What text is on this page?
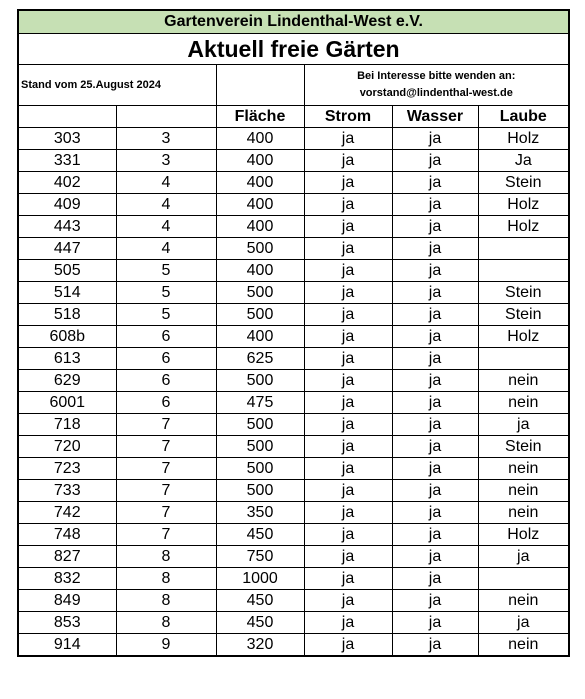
Gartenverein Lindenthal-West e.V.					
Aktuell freie Gärten					
Stand vom 25.August 2024			Bei Interesse bitte wenden an:
vorstand@lindenthal-west.de		
		Fläche	Strom	Wasser	Laube
303	3	400	ja	ja	Holz
331	3	400	ja	ja	Ja
402	4	400	ja	ja	Stein
409	4	400	ja	ja	Holz
443	4	400	ja	ja	Holz
447	4	500	ja	ja	
505	5	400	ja	ja	
514	5	500	ja	ja	Stein
518	5	500	ja	ja	Stein
608b	6	400	ja	ja	Holz
613	6	625	ja	ja	
629	6	500	ja	ja	nein
6001	6	475	ja	ja	nein
718	7	500	ja	ja	ja
720	7	500	ja	ja	Stein
723	7	500	ja	ja	nein
733	7	500	ja	ja	nein
742	7	350	ja	ja	nein
748	7	450	ja	ja	Holz
827	8	750	ja	ja	ja
832	8	1000	ja	ja	
849	8	450	ja	ja	nein
853	8	450	ja	ja	ja
914	9	320	ja	ja	nein
